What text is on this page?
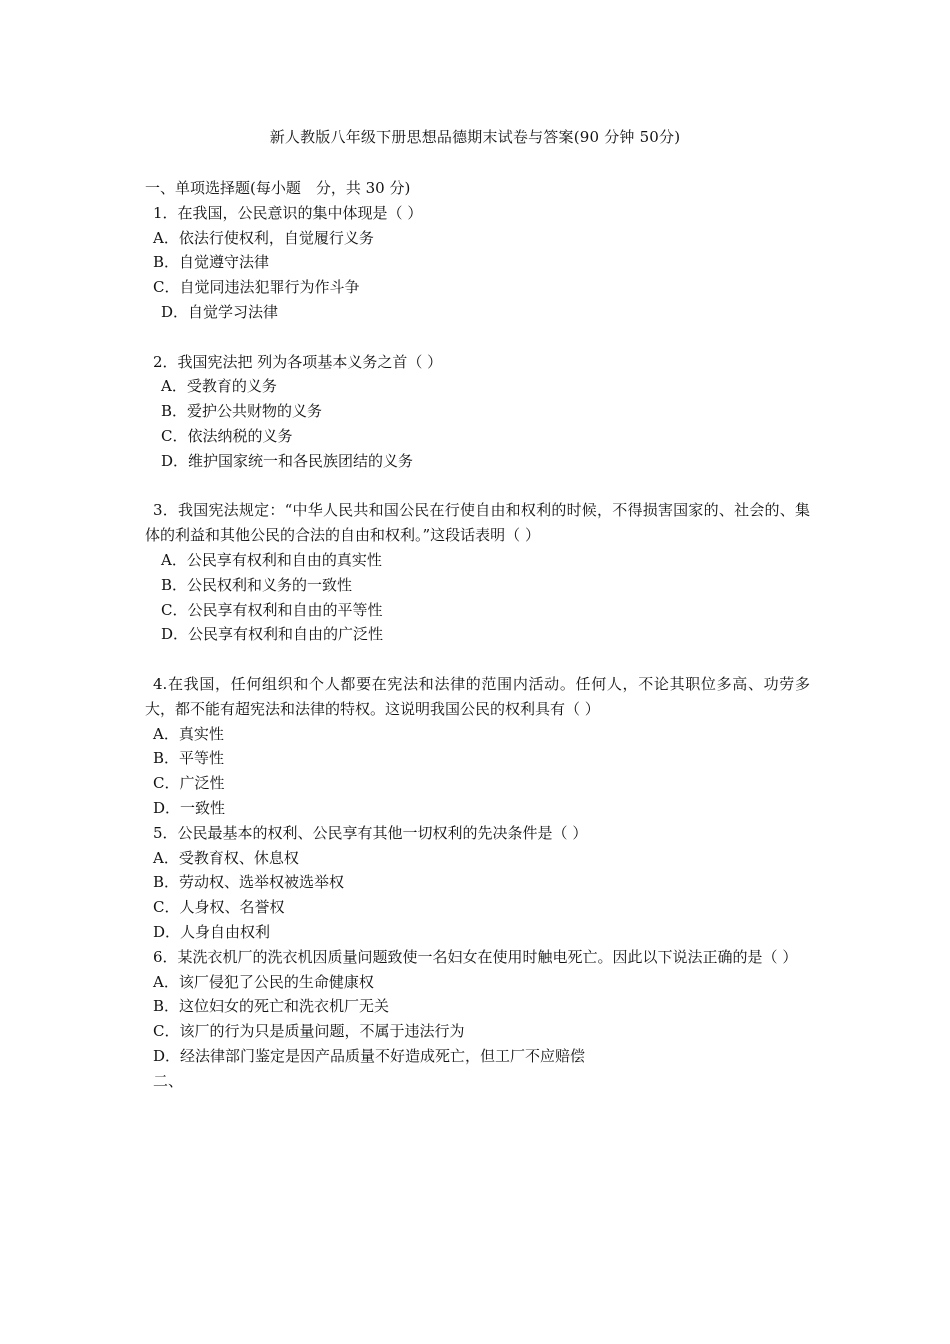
新人教版八年级下册思想品德期末试卷与答案(90 分钟 50分)

一、单项选择题(每小题　分，共 30 分)

1．在我国，公民意识的集中体现是（ ）

A．依法行使权利，自觉履行义务

B．自觉遵守法律

C．自觉同违法犯罪行为作斗争

D．自觉学习法律

2．我国宪法把 列为各项基本义务之首（ ）

A．受教育的义务

B．爱护公共财物的义务

C．依法纳税的义务

D．维护国家统一和各民族团结的义务

3．我国宪法规定：“中华人民共和国公民在行使自由和权利的时候，不得损害国家的、社会的、集体的利益和其他公民的合法的自由和权利。”这段话表明（ ）

A．公民享有权利和自由的真实性

B．公民权利和义务的一致性

C．公民享有权利和自由的平等性

D．公民享有权利和自由的广泛性

4.在我国，任何组织和个人都要在宪法和法律的范围内活动。任何人，不论其职位多高、功劳多大，都不能有超宪法和法律的特权。这说明我国公民的权利具有（ ）

A．真实性

B．平等性

C．广泛性

D．一致性

5．公民最基本的权利、公民享有其他一切权利的先决条件是（ ）

A．受教育权、休息权

B．劳动权、选举权被选举权

C．人身权、名誉权

D．人身自由权利

6．某洗衣机厂的洗衣机因质量问题致使一名妇女在使用时触电死亡。因此以下说法正确的是（ ）

A．该厂侵犯了公民的生命健康权

B．这位妇女的死亡和洗衣机厂无关

C．该厂的行为只是质量问题，不属于违法行为

D．经法律部门鉴定是因产品质量不好造成死亡，但工厂不应赔偿

二、
